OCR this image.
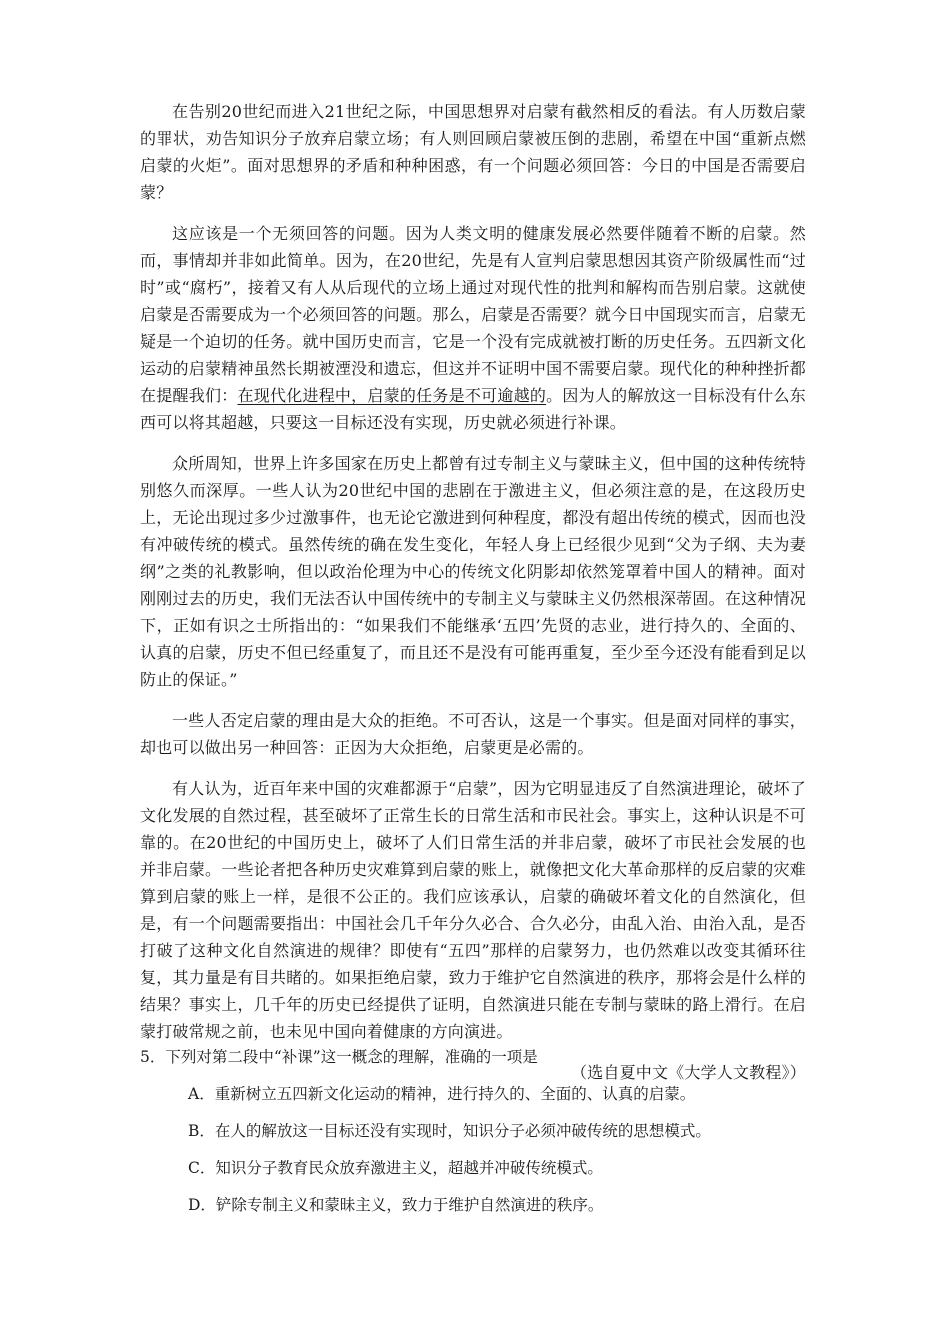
在告别20世纪而进入21世纪之际，中国思想界对启蒙有截然相反的看法。有人历数启蒙的罪状，劝告知识分子放弃启蒙立场；有人则回顾启蒙被压倒的悲剧，希望在中国“重新点燃启蒙的火炬”。面对思想界的矛盾和种种困惑，有一个问题必须回答：今日的中国是否需要启蒙？

这应该是一个无须回答的问题。因为人类文明的健康发展必然要伴随着不断的启蒙。然而，事情却并非如此简单。因为，在20世纪，先是有人宣判启蒙思想因其资产阶级属性而“过时”或“腐朽”，接着又有人从后现代的立场上通过对现代性的批判和解构而告别启蒙。这就使启蒙是否需要成为一个必须回答的问题。那么，启蒙是否需要？就今日中国现实而言，启蒙无疑是一个迫切的任务。就中国历史而言，它是一个没有完成就被打断的历史任务。五四新文化运动的启蒙精神虽然长期被湮没和遗忘，但这并不证明中国不需要启蒙。现代化的种种挫折都在提醒我们：在现代化进程中，启蒙的任务是不可逾越的。因为人的解放这一目标没有什么东西可以将其超越，只要这一目标还没有实现，历史就必须进行补课。

众所周知，世界上许多国家在历史上都曾有过专制主义与蒙昧主义，但中国的这种传统特别悠久而深厚。一些人认为20世纪中国的悲剧在于激进主义，但必须注意的是，在这段历史上，无论出现过多少过激事件，也无论它激进到何种程度，都没有超出传统的模式，因而也没有冲破传统的模式。虽然传统的确在发生变化，年轻人身上已经很少见到“父为子纲、夫为妻纲”之类的礼教影响，但以政治伦理为中心的传统文化阴影却依然笼罩着中国人的精神。面对刚刚过去的历史，我们无法否认中国传统中的专制主义与蒙昧主义仍然根深蒂固。在这种情况下，正如有识之士所指出的：“如果我们不能继承‘五四’先贤的志业，进行持久的、全面的、认真的启蒙，历史不但已经重复了，而且还不是没有可能再重复，至少至今还没有能看到足以防止的保证。”

一些人否定启蒙的理由是大众的拒绝。不可否认，这是一个事实。但是面对同样的事实，却也可以做出另一种回答：正因为大众拒绝，启蒙更是必需的。

有人认为，近百年来中国的灾难都源于“启蒙”，因为它明显违反了自然演进理论，破坏了文化发展的自然过程，甚至破坏了正常生长的日常生活和市民社会。事实上，这种认识是不可靠的。在20世纪的中国历史上，破坏了人们日常生活的并非启蒙，破坏了市民社会发展的也并非启蒙。一些论者把各种历史灾难算到启蒙的账上，就像把文化大革命那样的反启蒙的灾难算到启蒙的账上一样，是很不公正的。我们应该承认，启蒙的确破坏着文化的自然演化，但是，有一个问题需要指出：中国社会几千年分久必合、合久必分，由乱入治、由治入乱，是否打破了这种文化自然演进的规律？即使有“五四”那样的启蒙努力，也仍然难以改变其循环往复，其力量是有目共睹的。如果拒绝启蒙，致力于维护它自然演进的秩序，那将会是什么样的结果？事实上，几千年的历史已经提供了证明，自然演进只能在专制与蒙昧的路上滑行。在启蒙打破常规之前，也未见中国向着健康的方向演进。

（选自夏中文《大学人文教程》）

5．下列对第二段中“补课”这一概念的理解，准确的一项是

A．重新树立五四新文化运动的精神，进行持久的、全面的、认真的启蒙。

B．在人的解放这一目标还没有实现时，知识分子必须冲破传统的思想模式。

C．知识分子教育民众放弃激进主义，超越并冲破传统模式。

D．铲除专制主义和蒙昧主义，致力于维护自然演进的秩序。
